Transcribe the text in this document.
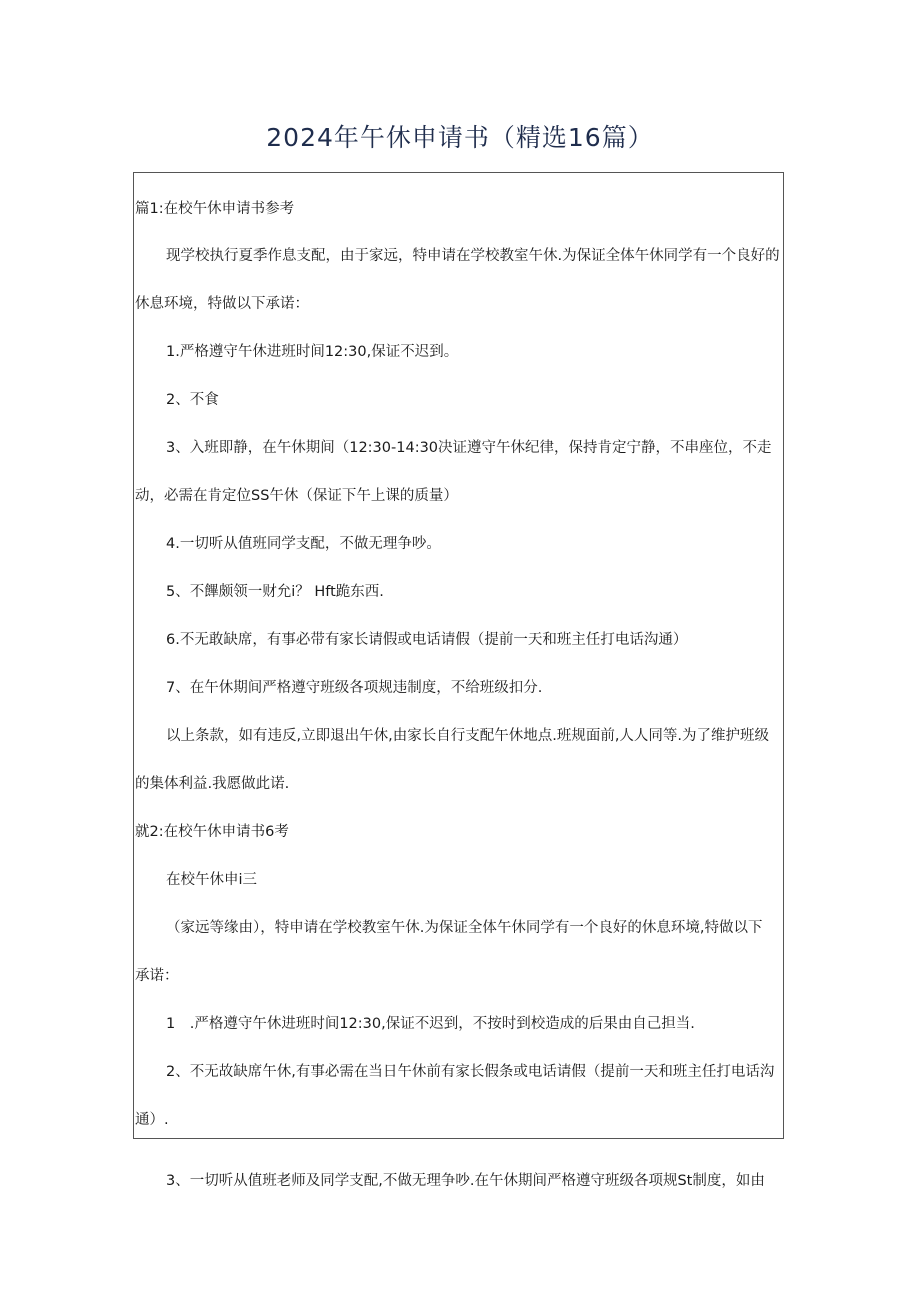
2024年午休申请书（精选16篇）
篇1:在校午休申请书参考
现学校执行夏季作息支配，由于家远，特申请在学校教室午休.为保证全体午休同学有一个良好的
休息环境，特做以下承诺：
1.严格遵守午休进班时间12:30,保证不迟到。
2、不食
3、入班即静，在午休期间（12:30-14:30决证遵守午休纪律，保持肯定宁静，不串座位，不走
动，必需在肯定位SS午休（保证下午上课的质量）
4.一切听从值班同学支配，不做无理争吵。
5、不饆颇领一财允i？ Hft跪东西.
6.不无敢缺席，有事必带有家长请假或电话请假（提前一天和班主任打电话沟通）
7、在午休期间严格遵守班级各项规违制度，不给班级扣分.
以上条款，如有违反,立即退出午休,由家长自行支配午休地点.班规面前,人人同等.为了维护班级
的集体利益.我愿做此诺.
就2:在校午休申请书6考
在校午休申i三
（家远等缘由），特申请在学校教室午休.为保证全体午休同学有一个良好的休息环境,特做以下
承诺：
1　.严格遵守午休进班时间12:30,保证不迟到，不按时到校造成的后果由自己担当.
2、不无故缺席午休,有事必需在当日午休前有家长假条或电话请假（提前一天和班主任打电话沟
通）.
3、一切听从值班老师及同学支配,不做无理争吵.在午休期间严格遵守班级各项规St制度，如由
